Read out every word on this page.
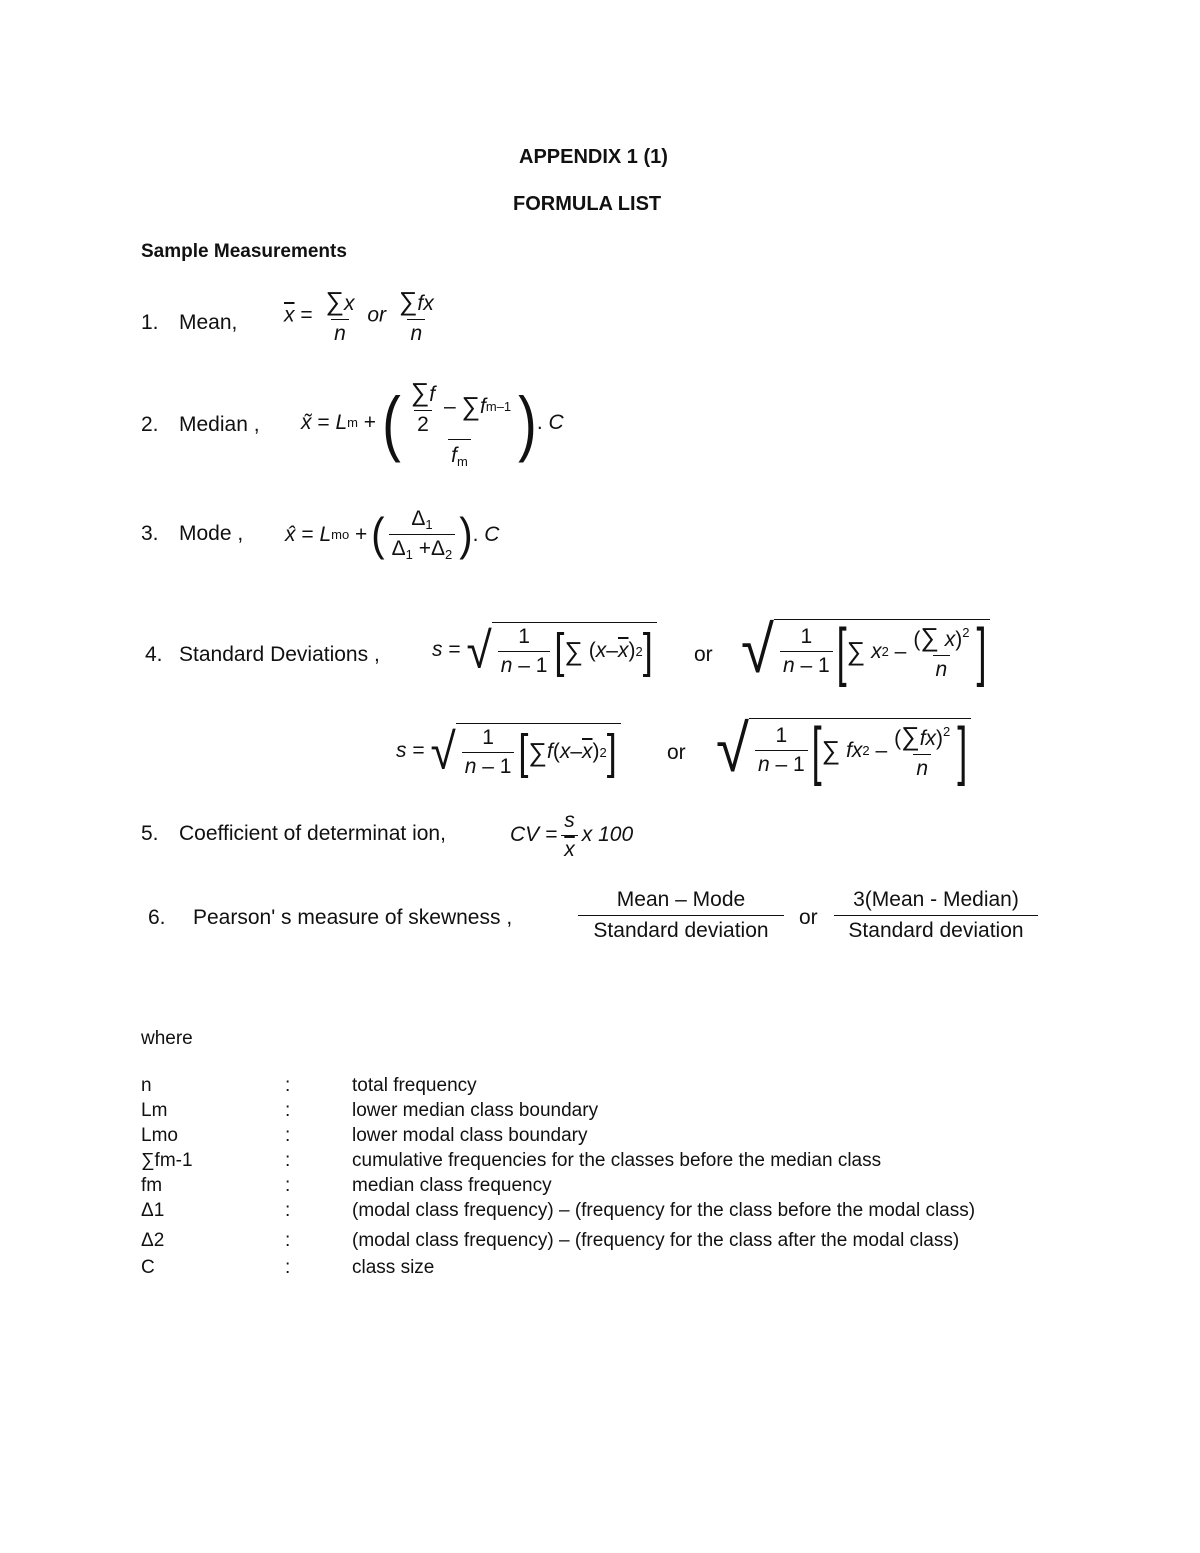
APPENDIX 1 (1)
FORMULA LIST
Sample Measurements
1. Mean, $\overline{x} = \frac{\sum x}{n}$ or $\frac{\sum fx}{n}$
2. Median , x̃ = L m + ( $\frac{\frac{\sum f}{2} - \sum f m-1}{f_m}$ ) . C
3. Mode , x̂ = L mo + ( $\frac{\Delta_1}{\Delta_1 +\Delta_2}$ ) . C
4. Standard Deviations , s = √ $\frac{1}{n - 1}$ [ ∑ ( x – $\overline{x}$ ) 2 ] or √ $\frac{1}{n - 1}$ [ ∑
x $2 - \frac{(\sum x)^2}{n}$ ]
s = √ $\frac{1}{n - 1}$ [ ∑ f ( x – $\overline{x}$ ) 2 ] or √ $\frac{1}{n - 1}$ [ ∑
fx $2 - \frac{(\sum fx)^2}{n}$ ]
5. Coefficient of determinat ion,	CV = $\frac{s}{x}$ x 100
6. Pearson' s measure of skewness ,
Mean – Mode
Standard deviation
or
3(Mean - Median)
Standard deviation
where
n	:	total frequency
Lm	:	lower median class boundary
Lmo	:	lower modal class boundary
∑fm-1	:	cumulative frequencies for the classes before the median class
fm	:	median class frequency
Δ1	:	(modal class frequency) – (frequency for the class before the modal class)
Δ2	:	(modal class frequency) – (frequency for the class after the modal class)
C	:	class size
